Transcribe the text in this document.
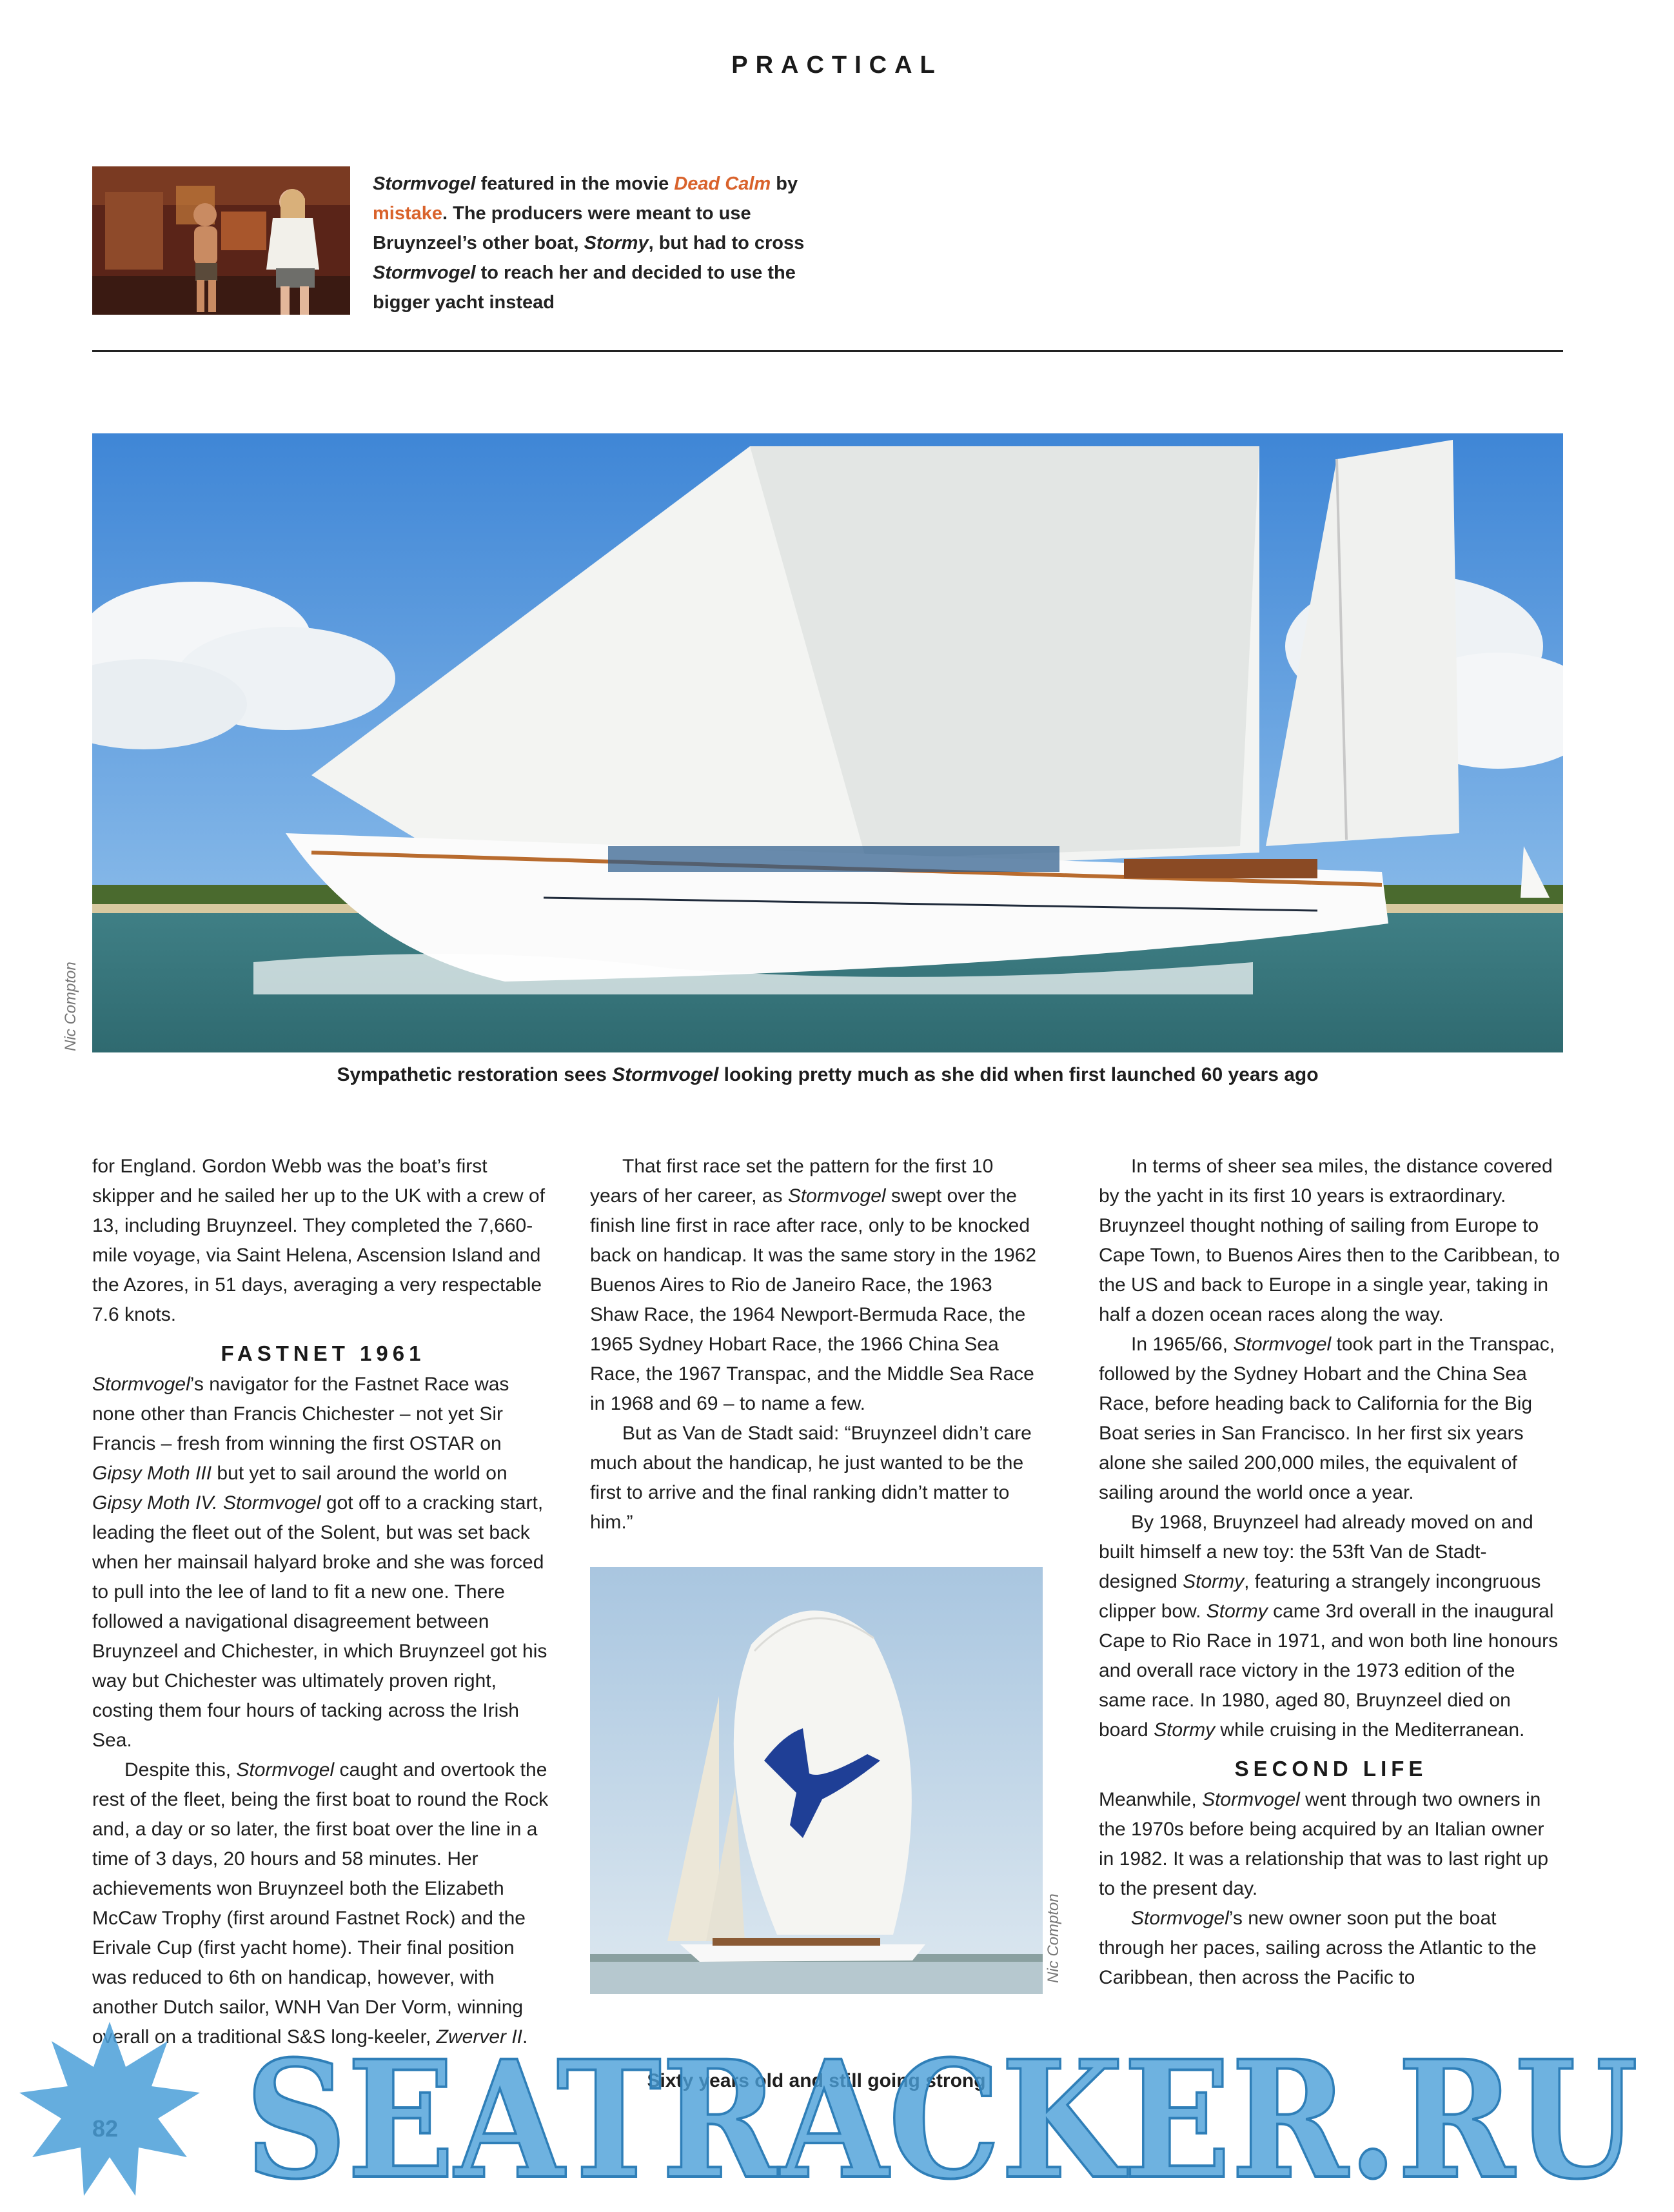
PRACTICAL
Stormvogel featured in the movie Dead Calm by mistake. The producers were meant to use Bruynzeel’s other boat, Stormy, but had to cross Stormvogel to reach her and decided to use the bigger yacht instead
Nic Compton
Sympathetic restoration sees Stormvogel looking pretty much as she did when first launched 60 years ago

for England. Gordon Webb was the boat’s first skipper and he sailed her up to the UK with a crew of 13, including Bruynzeel. They completed the 7,660-mile voyage, via Saint Helena, Ascension Island and the Azores, in 51 days, averaging a very respectable 7.6 knots.

FASTNET 1961

Stormvogel’s navigator for the Fastnet Race was none other than Francis Chichester – not yet Sir Francis – fresh from winning the first OSTAR on Gipsy Moth III but yet to sail around the world on Gipsy Moth IV. Stormvogel got off to a cracking start, leading the fleet out of the Solent, but was set back when her mainsail halyard broke and she was forced to pull into the lee of land to fit a new one. There followed a navigational disagreement between Bruynzeel and Chichester, in which Bruynzeel got his way but Chichester was ultimately proven right, costing them four hours of tacking across the Irish Sea.

Despite this, Stormvogel caught and overtook the rest of the fleet, being the first boat to round the Rock and, a day or so later, the first boat over the line in a time of 3 days, 20 hours and 58 minutes. Her achievements won Bruynzeel both the Elizabeth McCaw Trophy (first around Fastnet Rock) and the Erivale Cup (first yacht home). Their final position was reduced to 6th on handicap, however, with another Dutch sailor, WNH Van Der Vorm, winning overall on a traditional S&S long-keeler, Zwerver II.

That first race set the pattern for the first 10 years of her career, as Stormvogel swept over the finish line first in race after race, only to be knocked back on handicap. It was the same story in the 1962 Buenos Aires to Rio de Janeiro Race, the 1963 Shaw Race, the 1964 Newport-Bermuda Race, the 1965 Sydney Hobart Race, the 1966 China Sea Race, the 1967 Transpac, and the Middle Sea Race in 1968 and 69 – to name a few.

But as Van de Stadt said: “Bruynzeel didn’t care much about the handicap, he just wanted to be the first to arrive and the final ranking didn’t matter to him.”

Nic Compton
Sixty years old and still going strong

In terms of sheer sea miles, the distance covered by the yacht in its first 10 years is extraordinary. Bruynzeel thought nothing of sailing from Europe to Cape Town, to Buenos Aires then to the Caribbean, to the US and back to Europe in a single year, taking in half a dozen ocean races along the way.

In 1965/66, Stormvogel took part in the Transpac, followed by the Sydney Hobart and the China Sea Race, before heading back to California for the Big Boat series in San Francisco. In her first six years alone she sailed 200,000 miles, the equivalent of sailing around the world once a year.

By 1968, Bruynzeel had already moved on and built himself a new toy: the 53ft Van de Stadt-designed Stormy, featuring a strangely incongruous clipper bow. Stormy came 3rd overall in the inaugural Cape to Rio Race in 1971, and won both line honours and overall race victory in the 1973 edition of the same race. In 1980, aged 80, Bruynzeel died on board Stormy while cruising in the Mediterranean.

SECOND LIFE

Meanwhile, Stormvogel went through two owners in the 1970s before being acquired by an Italian owner in 1982. It was a relationship that was to last right up to the present day.

Stormvogel’s new owner soon put the boat through her paces, sailing across the Atlantic to the Caribbean, then across the Pacific to

SEATRACKER.RU
